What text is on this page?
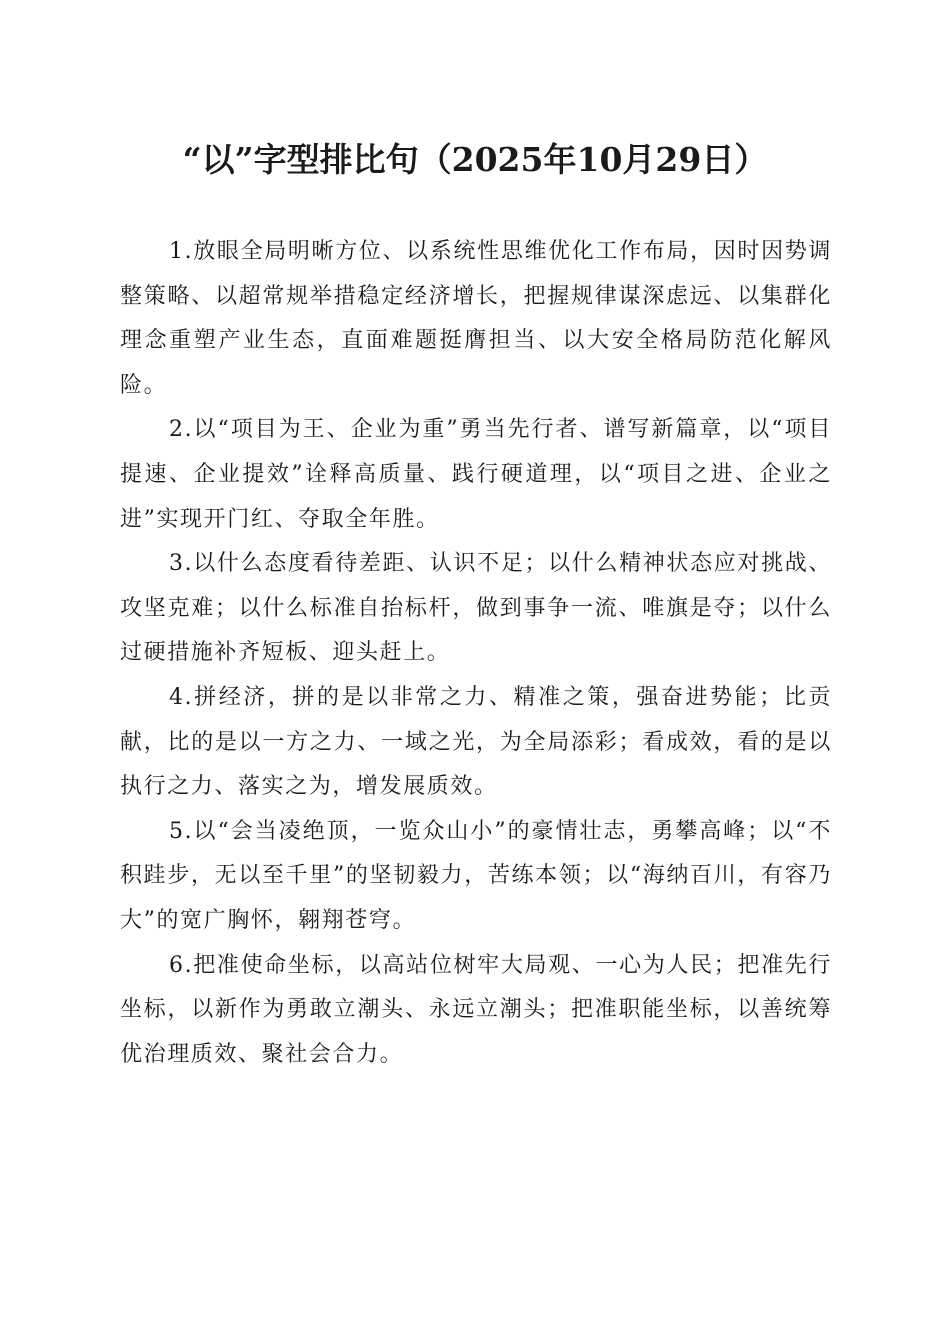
“以”字型排比句（2025年10月29日）

1.放眼全局明晰方位、以系统性思维优化工作布局，因时因势调整策略、以超常规举措稳定经济增长，把握规律谋深虑远、以集群化理念重塑产业生态，直面难题挺膺担当、以大安全格局防范化解风险。

2.以“项目为王、企业为重”勇当先行者、谱写新篇章，以“项目提速、企业提效”诠释高质量、践行硬道理，以“项目之进、企业之进”实现开门红、夺取全年胜。

3.以什么态度看待差距、认识不足；以什么精神状态应对挑战、攻坚克难；以什么标准自抬标杆，做到事争一流、唯旗是夺；以什么过硬措施补齐短板、迎头赶上。

4.拼经济，拼的是以非常之力、精准之策，强奋进势能；比贡献，比的是以一方之力、一域之光，为全局添彩；看成效，看的是以执行之力、落实之为，增发展质效。

5.以“会当凌绝顶，一览众山小”的豪情壮志，勇攀高峰；以“不积跬步，无以至千里”的坚韧毅力，苦练本领；以“海纳百川，有容乃大”的宽广胸怀，翱翔苍穹。

6.把准使命坐标，以高站位树牢大局观、一心为人民；把准先行坐标，以新作为勇敢立潮头、永远立潮头；把准职能坐标，以善统筹优治理质效、聚社会合力。
